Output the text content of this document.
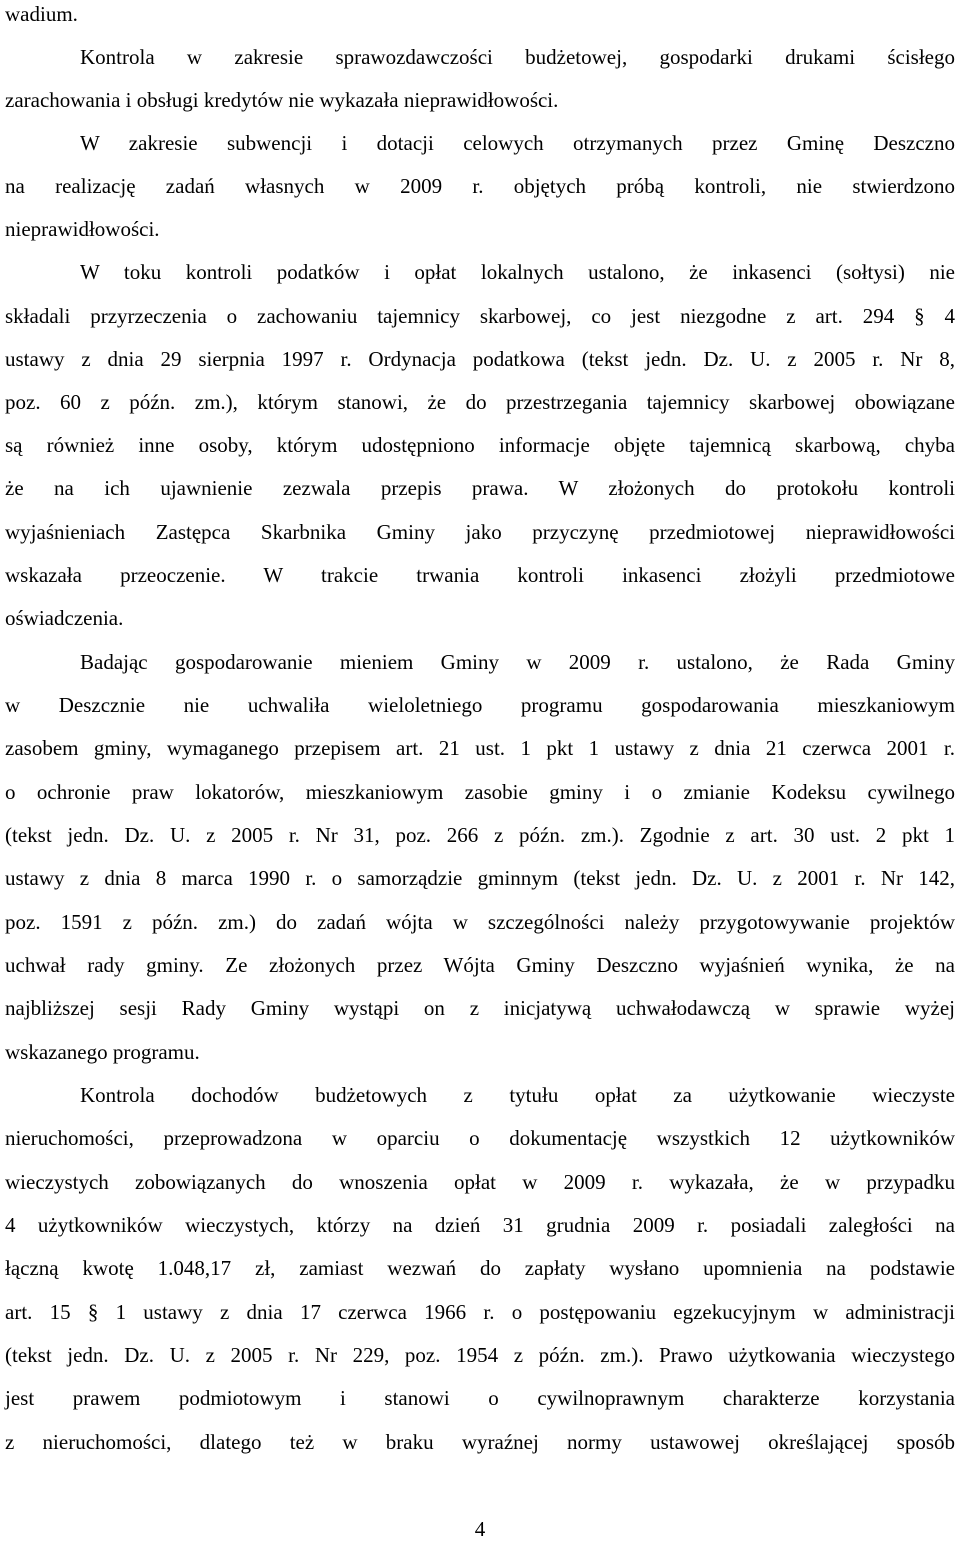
wadium.
Kontrola w zakresie sprawozdawczości budżetowej, gospodarki drukami ścisłego
zarachowania i obsługi kredytów nie wykazała nieprawidłowości.
W zakresie subwencji i dotacji celowych otrzymanych przez Gminę Deszczno
na realizację zadań własnych w 2009 r. objętych próbą kontroli, nie stwierdzono
nieprawidłowości.
W toku kontroli podatków i opłat lokalnych ustalono, że inkasenci (sołtysi) nie
składali przyrzeczenia o zachowaniu tajemnicy skarbowej, co jest niezgodne z art. 294 § 4
ustawy z dnia 29 sierpnia 1997 r. Ordynacja podatkowa (tekst jedn. Dz. U. z 2005 r. Nr 8,
poz. 60 z późn. zm.), którym stanowi, że do przestrzegania tajemnicy skarbowej obowiązane
są również inne osoby, którym udostępniono informacje objęte tajemnicą skarbową, chyba
że na ich ujawnienie zezwala przepis prawa. W złożonych do protokołu kontroli
wyjaśnieniach Zastępca Skarbnika Gminy jako przyczynę przedmiotowej nieprawidłowości
wskazała przeoczenie. W trakcie trwania kontroli inkasenci złożyli przedmiotowe
oświadczenia.
Badając gospodarowanie mieniem Gminy w 2009 r. ustalono, że Rada Gminy
w Deszcznie nie uchwaliła wieloletniego programu gospodarowania mieszkaniowym
zasobem gminy, wymaganego przepisem art. 21 ust. 1 pkt 1 ustawy z dnia 21 czerwca 2001 r.
o ochronie praw lokatorów, mieszkaniowym zasobie gminy i o zmianie Kodeksu cywilnego
(tekst jedn. Dz. U. z 2005 r. Nr 31, poz. 266 z późn. zm.). Zgodnie z art. 30 ust. 2 pkt 1
ustawy z dnia 8 marca 1990 r. o samorządzie gminnym (tekst jedn. Dz. U. z 2001 r. Nr 142,
poz. 1591 z późn. zm.) do zadań wójta w szczególności należy przygotowywanie projektów
uchwał rady gminy. Ze złożonych przez Wójta Gminy Deszczno wyjaśnień wynika, że na
najbliższej sesji Rady Gminy wystąpi on z inicjatywą uchwałodawczą w sprawie wyżej
wskazanego programu.
Kontrola dochodów budżetowych z tytułu opłat za użytkowanie wieczyste
nieruchomości, przeprowadzona w oparciu o dokumentację wszystkich 12 użytkowników
wieczystych zobowiązanych do wnoszenia opłat w 2009 r. wykazała, że w przypadku
4 użytkowników wieczystych, którzy na dzień 31 grudnia 2009 r. posiadali zaległości na
łączną kwotę 1.048,17 zł, zamiast wezwań do zapłaty wysłano upomnienia na podstawie
art. 15 § 1 ustawy z dnia 17 czerwca 1966 r. o postępowaniu egzekucyjnym w administracji
(tekst jedn. Dz. U. z 2005 r. Nr 229, poz. 1954 z późn. zm.). Prawo użytkowania wieczystego
jest prawem podmiotowym i stanowi o cywilnoprawnym charakterze korzystania
z nieruchomości, dlatego też w braku wyraźnej normy ustawowej określającej sposób
4
